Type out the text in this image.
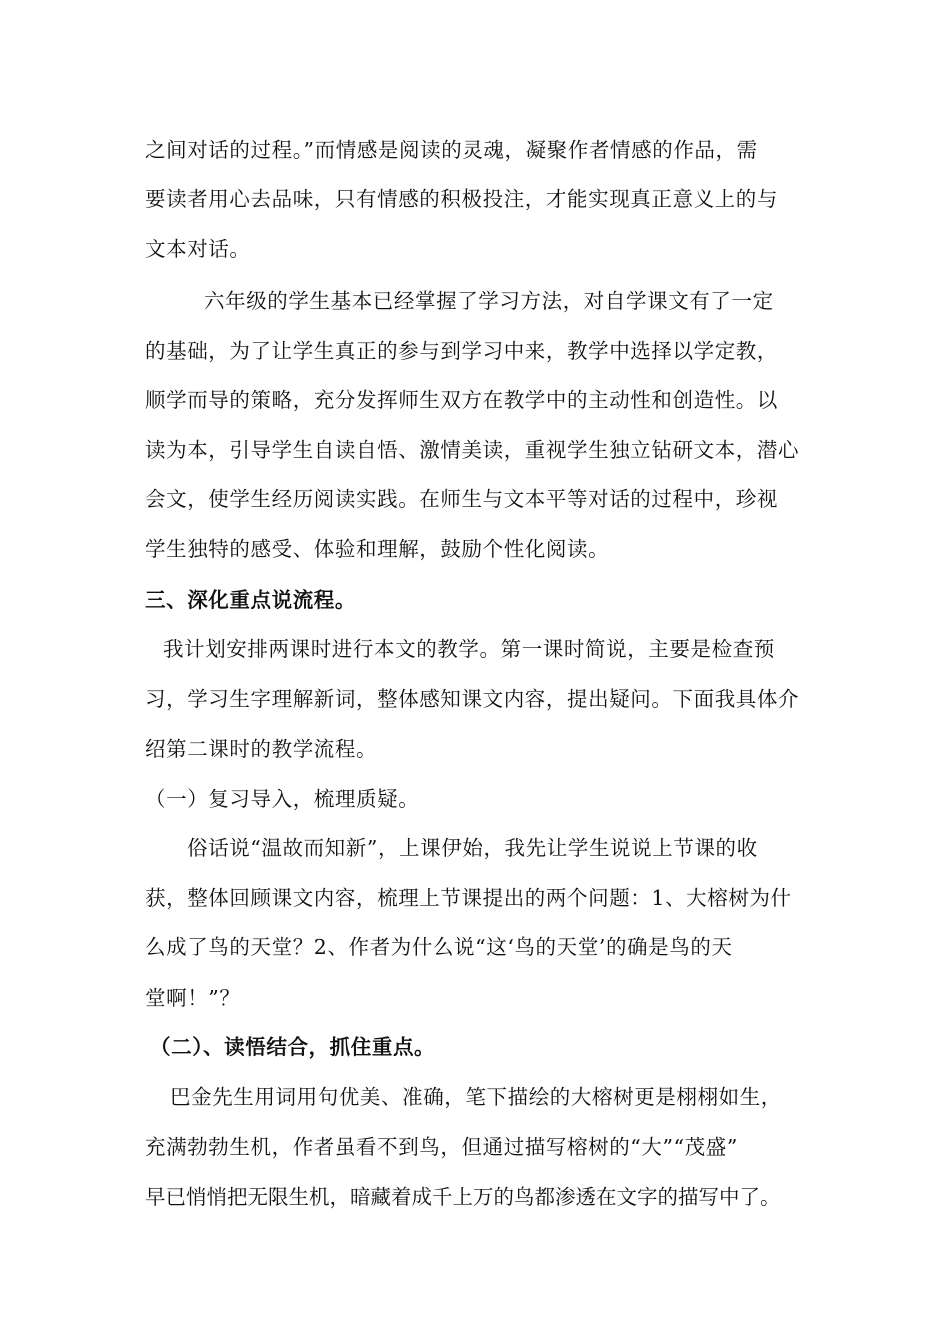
之间对话的过程。”而情感是阅读的灵魂，凝聚作者情感的作品，需
要读者用心去品味，只有情感的积极投注，才能实现真正意义上的与
文本对话。
六年级的学生基本已经掌握了学习方法，对自学课文有了一定
的基础，为了让学生真正的参与到学习中来，教学中选择以学定教，
顺学而导的策略，充分发挥师生双方在教学中的主动性和创造性。以
读为本，引导学生自读自悟、激情美读，重视学生独立钻研文本，潜心
会文，使学生经历阅读实践。在师生与文本平等对话的过程中，珍视
学生独特的感受、体验和理解，鼓励个性化阅读。
三、深化重点说流程。
我计划安排两课时进行本文的教学。第一课时简说，主要是检查预
习，学习生字理解新词，整体感知课文内容，提出疑问。下面我具体介
绍第二课时的教学流程。
（一）复习导入，梳理质疑。
俗话说“温故而知新”，上课伊始，我先让学生说说上节课的收
获，整体回顾课文内容，梳理上节课提出的两个问题：1、大榕树为什
么成了鸟的天堂？2、作者为什么说“这‘鸟的天堂’的确是鸟的天
堂啊！”？
（二）、读悟结合，抓住重点。
巴金先生用词用句优美、准确，笔下描绘的大榕树更是栩栩如生，
充满勃勃生机，作者虽看不到鸟，但通过描写榕树的“大”“茂盛”
早已悄悄把无限生机，暗藏着成千上万的鸟都渗透在文字的描写中了。
